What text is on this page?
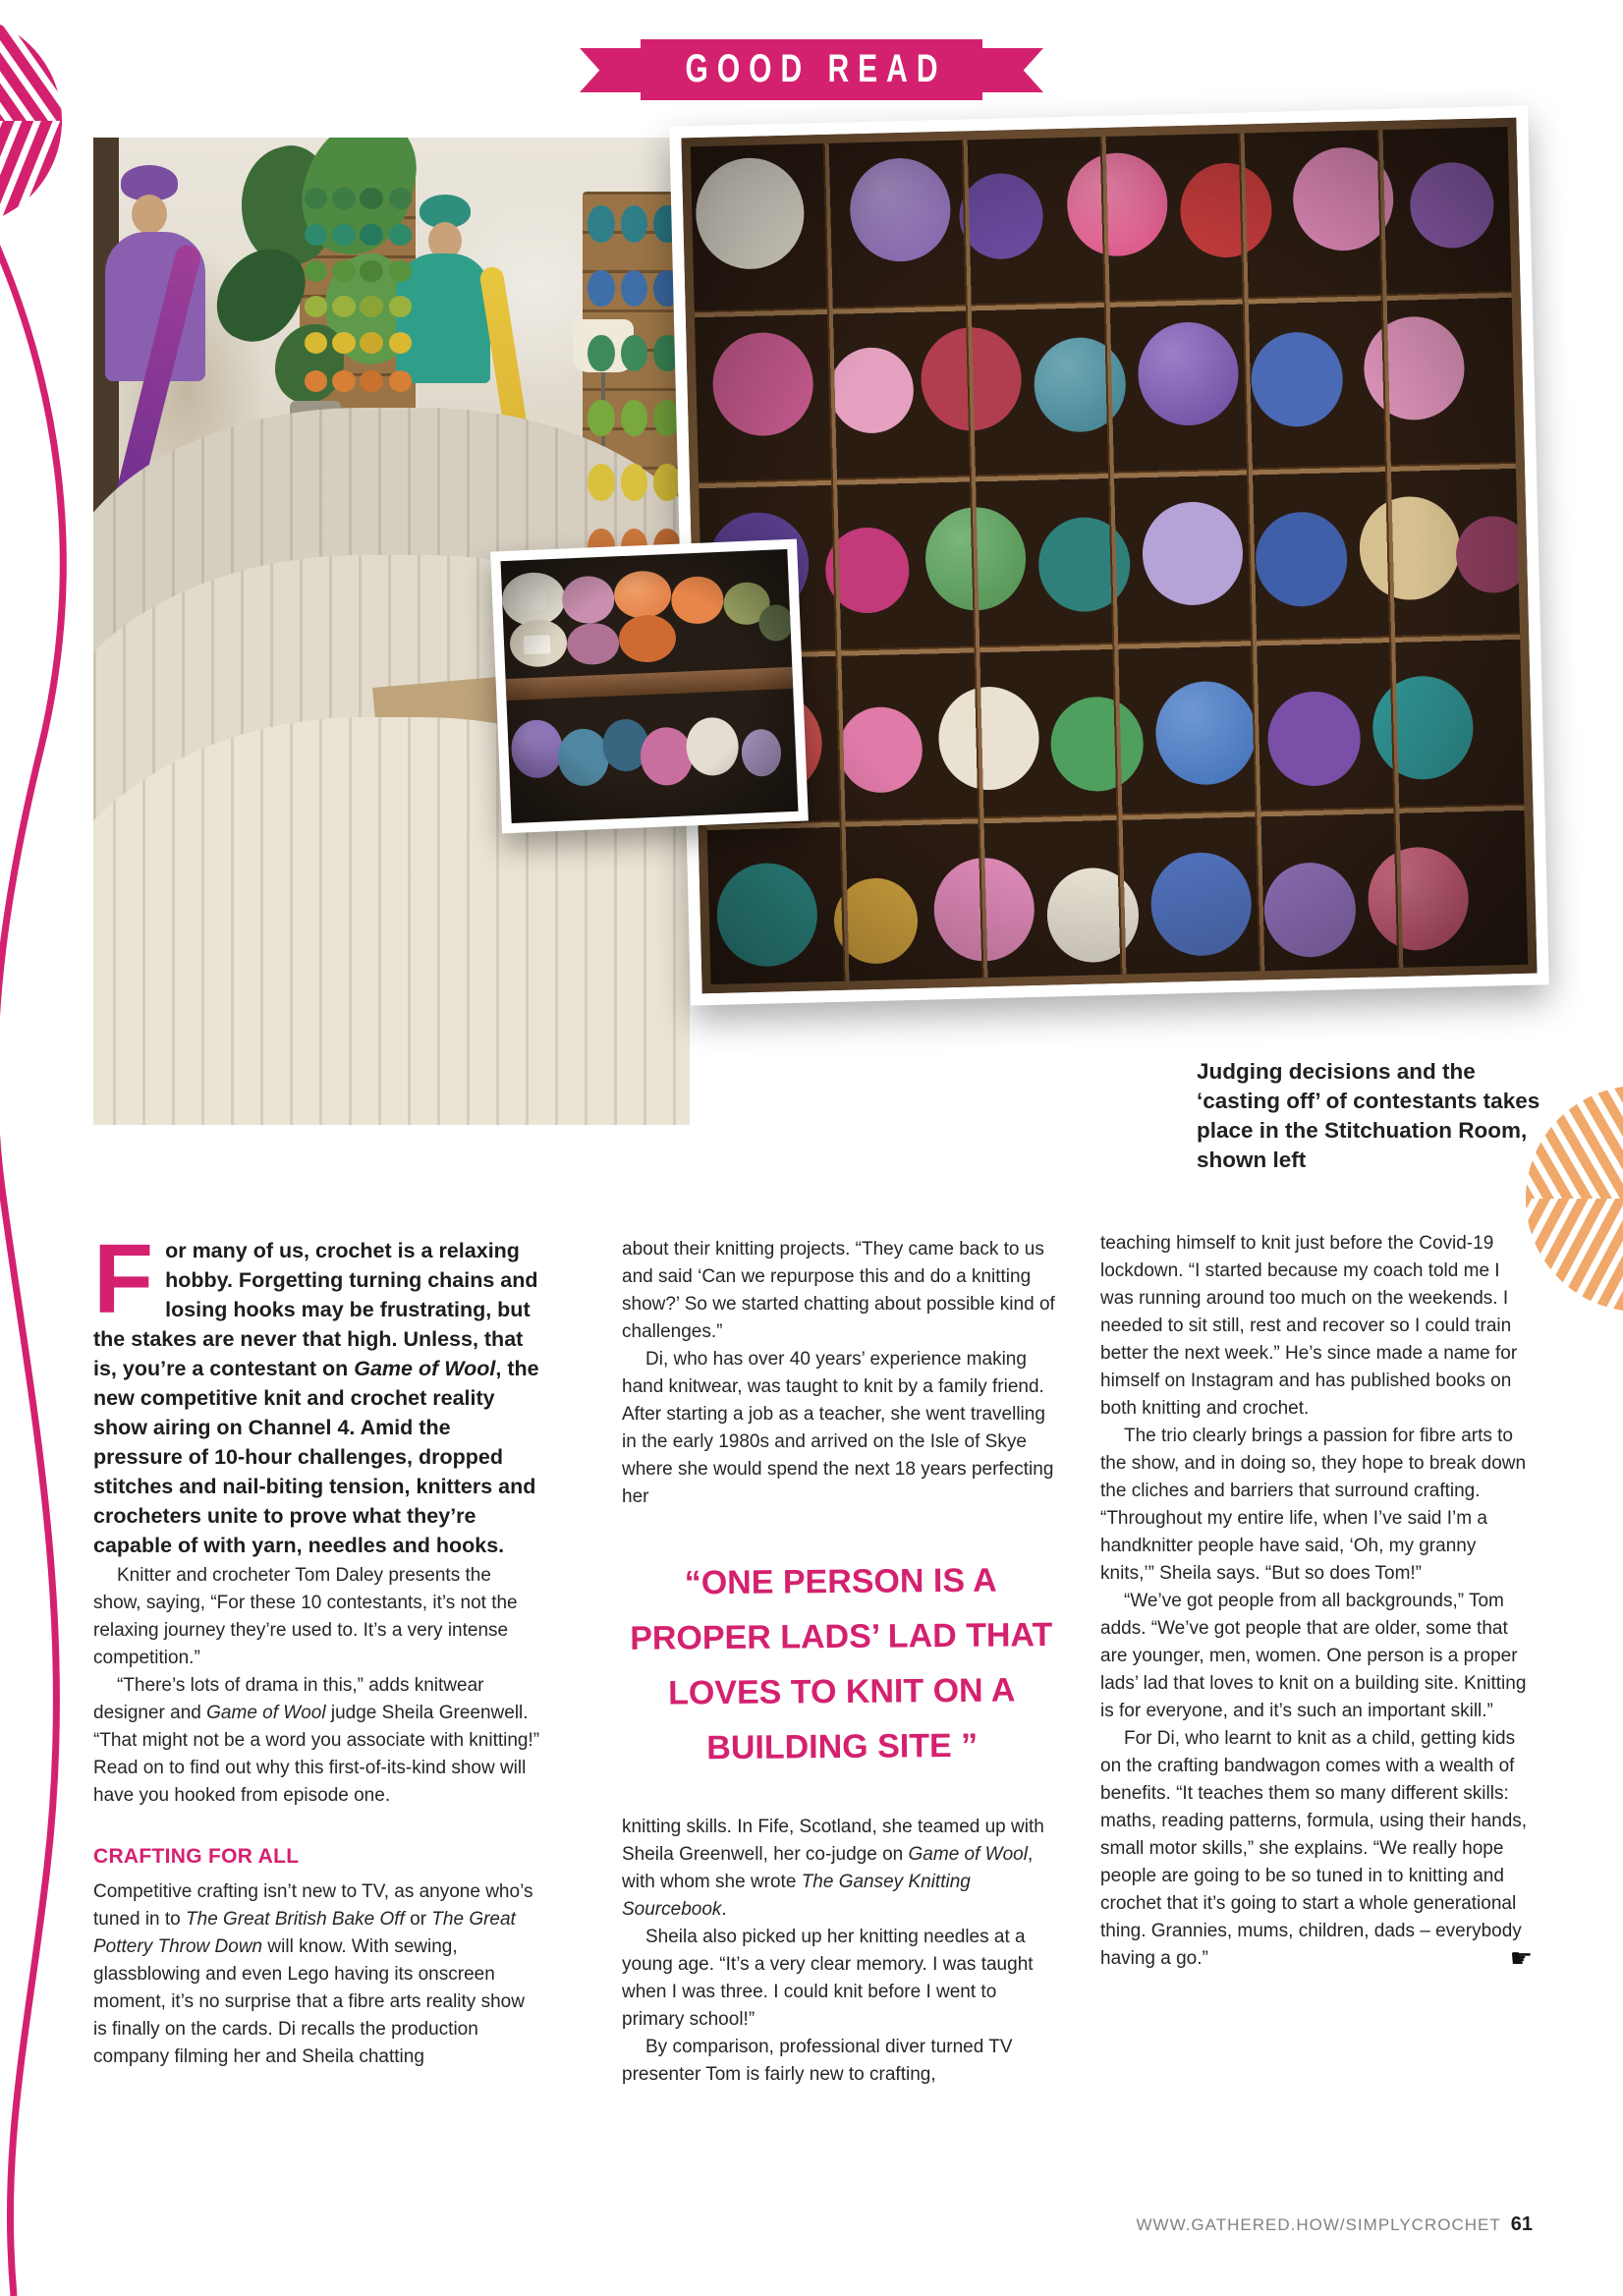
GOOD READ
Judging decisions and the ‘casting off’ of contestants takes place in the Stitchuation Room, shown left

For many of us, crochet is a relaxing hobby. Forgetting turning chains and losing hooks may be frustrating, but the stakes are never that high. Unless, that is, you’re a contestant on Game of Wool, the new competitive knit and crochet reality show airing on Channel 4. Amid the pressure of 10-hour challenges, dropped stitches and nail-biting tension, knitters and crocheters unite to prove what they’re capable of with yarn, needles and hooks.

Knitter and crocheter Tom Daley presents the show, saying, “For these 10 contestants, it’s not the relaxing journey they’re used to. It’s a very intense competition.”

“There’s lots of drama in this,” adds knitwear designer and Game of Wool judge Sheila Greenwell. “That might not be a word you associate with knitting!” Read on to find out why this first-of-its-kind show will have you hooked from episode one.

CRAFTING FOR ALL

Competitive crafting isn’t new to TV, as anyone who’s tuned in to The Great British Bake Off or The Great Pottery Throw Down will know. With sewing, glassblowing and even Lego having its onscreen moment, it’s no surprise that a fibre arts reality show is finally on the cards. Di recalls the production company filming her and Sheila chatting

about their knitting projects. “They came back to us and said ‘Can we repurpose this and do a knitting show?’ So we started chatting about possible kind of challenges.”

Di, who has over 40 years’ experience making hand knitwear, was taught to knit by a family friend. After starting a job as a teacher, she went travelling in the early 1980s and arrived on the Isle of Skye where she would spend the next 18 years perfecting her

“ONE PERSON IS A PROPER LADS’ LAD THAT LOVES TO KNIT ON A BUILDING SITE ”

knitting skills. In Fife, Scotland, she teamed up with Sheila Greenwell, her co-judge on Game of Wool, with whom she wrote The Gansey Knitting Sourcebook.

Sheila also picked up her knitting needles at a young age. “It’s a very clear memory. I was taught when I was three. I could knit before I went to primary school!”

By comparison, professional diver turned TV presenter Tom is fairly new to crafting,

teaching himself to knit just before the Covid-19 lockdown. “I started because my coach told me I was running around too much on the weekends. I needed to sit still, rest and recover so I could train better the next week.” He’s since made a name for himself on Instagram and has published books on both knitting and crochet.

The trio clearly brings a passion for fibre arts to the show, and in doing so, they hope to break down the cliches and barriers that surround crafting. “Throughout my entire life, when I’ve said I’m a handknitter people have said, ‘Oh, my granny knits,’” Sheila says. “But so does Tom!”

“We’ve got people from all backgrounds,” Tom adds. “We’ve got people that are older, some that are younger, men, women. One person is a proper lads’ lad that loves to knit on a building site. Knitting is for everyone, and it’s such an important skill.”

For Di, who learnt to knit as a child, getting kids on the crafting bandwagon comes with a wealth of benefits. “It teaches them so many different skills: maths, reading patterns, formula, using their hands, small motor skills,” she explains. “We really hope people are going to be so tuned in to knitting and crochet that it’s going to start a whole generational thing. Grannies, mums, children, dads – everybody having a go.”	☛
WWW.GATHERED.HOW/SIMPLYCROCHET 61
